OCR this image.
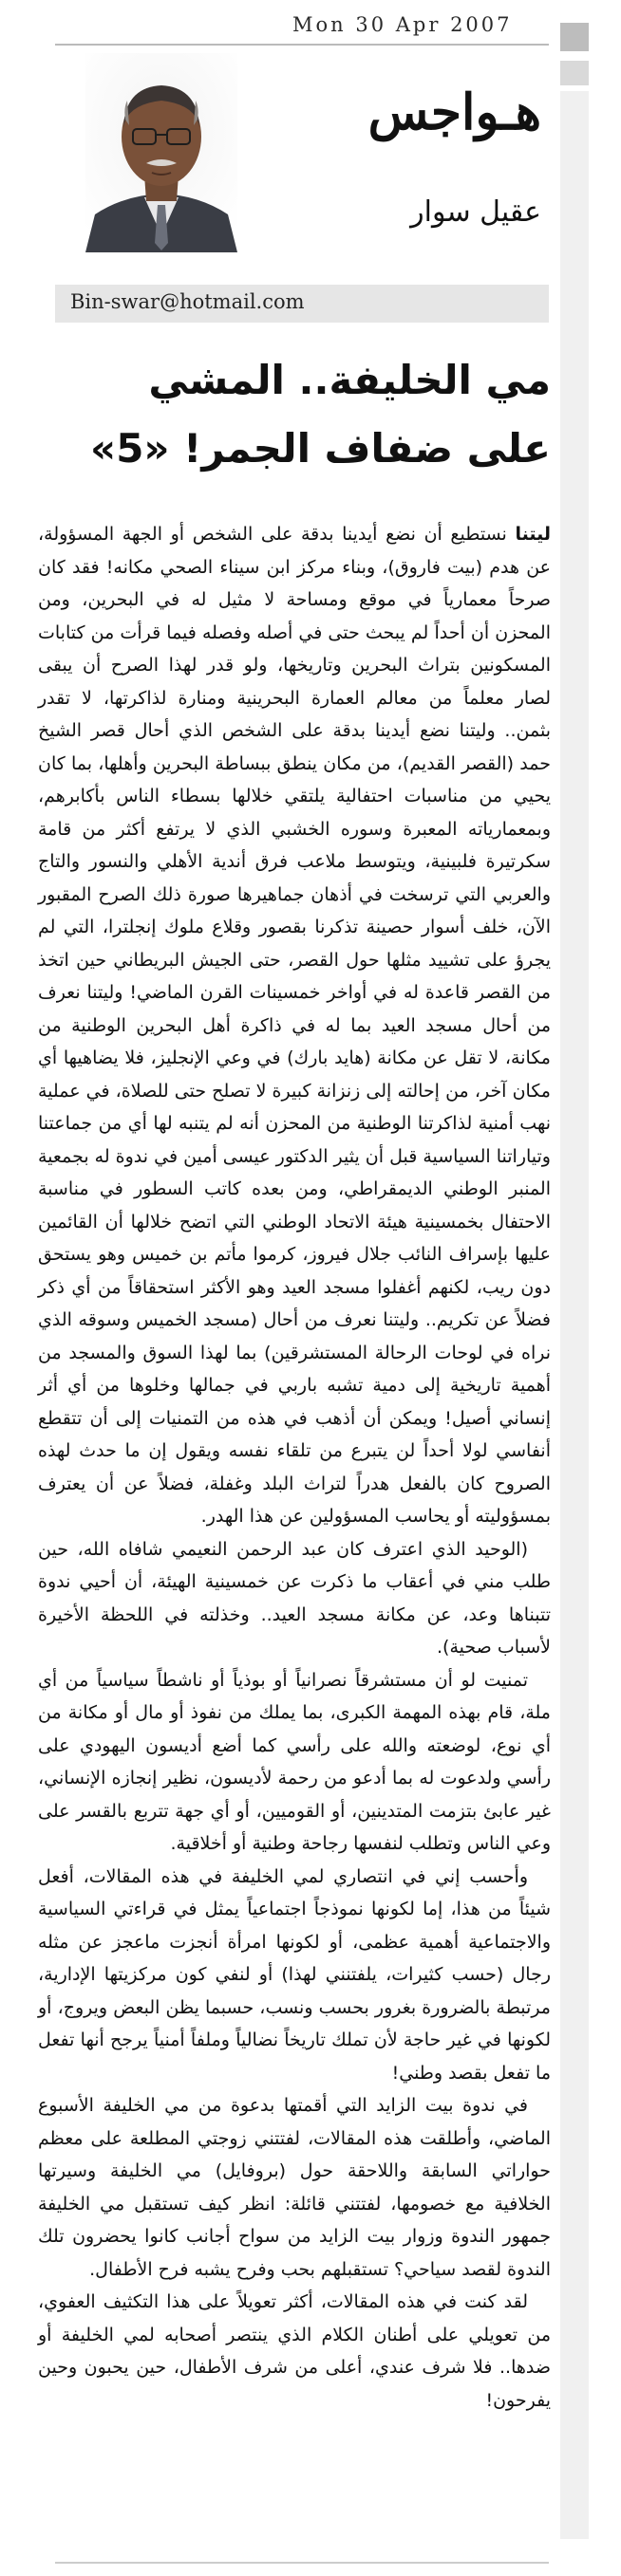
Mon 30 Apr 2007
هـواجس
عقيل سوار
Bin-swar@hotmail.com
مي الخليفة.. المشي
على ضفاف الجمر! «5»

ليتنا نستطيع أن نضع أيدينا بدقة على الشخص أو الجهة المسؤولة، عن هدم (بيت فاروق)، وبناء مركز ابن سيناء الصحي مكانه! فقد كان صرحاً معمارياً في موقع ومساحة لا مثيل له في البحرين، ومن المحزن أن أحداً لم يبحث حتى في أصله وفصله فيما قرأت من كتابات المسكونين بتراث البحرين وتاريخها، ولو قدر لهذا الصرح أن يبقى لصار معلماً من معالم العمارة البحرينية ومنارة لذاكرتها، لا تقدر بثمن.. وليتنا نضع أيدينا بدقة على الشخص الذي أحال قصر الشيخ حمد (القصر القديم)، من مكان ينطق ببساطة البحرين وأهلها، بما كان يحيي من مناسبات احتفالية يلتقي خلالها بسطاء الناس بأكابرهم، وبمعمارياته المعبرة وسوره الخشبي الذي لا يرتفع أكثر من قامة سكرتيرة فلبينية، ويتوسط ملاعب فرق أندية الأهلي والنسور والتاج والعربي التي ترسخت في أذهان جماهيرها صورة ذلك الصرح المقبور الآن، خلف أسوار حصينة تذكرنا بقصور وقلاع ملوك إنجلترا، التي لم يجرؤ على تشييد مثلها حول القصر، حتى الجيش البريطاني حين اتخذ من القصر قاعدة له في أواخر خمسينات القرن الماضي! وليتنا نعرف من أحال مسجد العيد بما له في ذاكرة أهل البحرين الوطنية من مكانة، لا تقل عن مكانة (هايد بارك) في وعي الإنجليز، فلا يضاهيها أي مكان آخر، من إحالته إلى زنزانة كبيرة لا تصلح حتى للصلاة، في عملية نهب أمنية لذاكرتنا الوطنية من المحزن أنه لم يتنبه لها أي من جماعتنا وتياراتنا السياسية قبل أن يثير الدكتور عيسى أمين في ندوة له بجمعية المنبر الوطني الديمقراطي، ومن بعده كاتب السطور في مناسبة الاحتفال بخمسينية هيئة الاتحاد الوطني التي اتضح خلالها أن القائمين عليها بإسراف النائب جلال فيروز، كرموا مأتم بن خميس وهو يستحق دون ريب، لكنهم أغفلوا مسجد العيد وهو الأكثر استحقاقاً من أي ذكر فضلاً عن تكريم.. وليتنا نعرف من أحال (مسجد الخميس وسوقه الذي نراه في لوحات الرحالة المستشرقين) بما لهذا السوق والمسجد من أهمية تاريخية إلى دمية تشبه باربي في جمالها وخلوها من أي أثر إنساني أصيل! ويمكن أن أذهب في هذه من التمنيات إلى أن تتقطع أنفاسي لولا أحداً لن يتبرع من تلقاء نفسه ويقول إن ما حدث لهذه الصروح كان بالفعل هدراً لتراث البلد وغفلة، فضلاً عن أن يعترف بمسؤوليته أو يحاسب المسؤولين عن هذا الهدر.

(الوحيد الذي اعترف كان عبد الرحمن النعيمي شافاه الله، حين طلب مني في أعقاب ما ذكرت عن خمسينية الهيئة، أن أحيي ندوة تتبناها وعد، عن مكانة مسجد العيد.. وخذلته في اللحظة الأخيرة لأسباب صحية).

تمنيت لو أن مستشرقاً نصرانياً أو بوذياً أو ناشطاً سياسياً من أي ملة، قام بهذه المهمة الكبرى، بما يملك من نفوذ أو مال أو مكانة من أي نوع، لوضعته والله على رأسي كما أضع أديسون اليهودي على رأسي ولدعوت له بما أدعو من رحمة لأديسون، نظير إنجازه الإنساني، غير عابئ بتزمت المتدينين، أو القوميين، أو أي جهة تتربع بالقسر على وعي الناس وتطلب لنفسها رجاحة وطنية أو أخلاقية.

وأحسب إني في انتصاري لمي الخليفة في هذه المقالات، أفعل شيئاً من هذا، إما لكونها نموذجاً اجتماعياً يمثل في قراءتي السياسية والاجتماعية أهمية عظمى، أو لكونها امرأة أنجزت ماعجز عن مثله رجال (حسب كثيرات، يلفتنني لهذا) أو لنفي كون مركزيتها الإدارية، مرتبطة بالضرورة بغرور بحسب ونسب، حسبما يظن البعض ويروج، أو لكونها في غير حاجة لأن تملك تاريخاً نضالياً وملفاً أمنياً يرجح أنها تفعل ما تفعل بقصد وطني!

في ندوة بيت الزايد التي أقمتها بدعوة من مي الخليفة الأسبوع الماضي، وأطلقت هذه المقالات، لفتتني زوجتي المطلعة على معظم حواراتي السابقة واللاحقة حول (بروفايل) مي الخليفة وسيرتها الخلافية مع خصومها، لفتتني قائلة: انظر كيف تستقبل مي الخليفة جمهور الندوة وزوار بيت الزايد من سواح أجانب كانوا يحضرون تلك الندوة لقصد سياحي؟ تستقبلهم بحب وفرح يشبه فرح الأطفال.

لقد كنت في هذه المقالات، أكثر تعويلاً على هذا التكثيف العفوي، من تعويلي على أطنان الكلام الذي ينتصر أصحابه لمي الخليفة أو ضدها.. فلا شرف عندي، أعلى من شرف الأطفال، حين يحبون وحين يفرحون!
